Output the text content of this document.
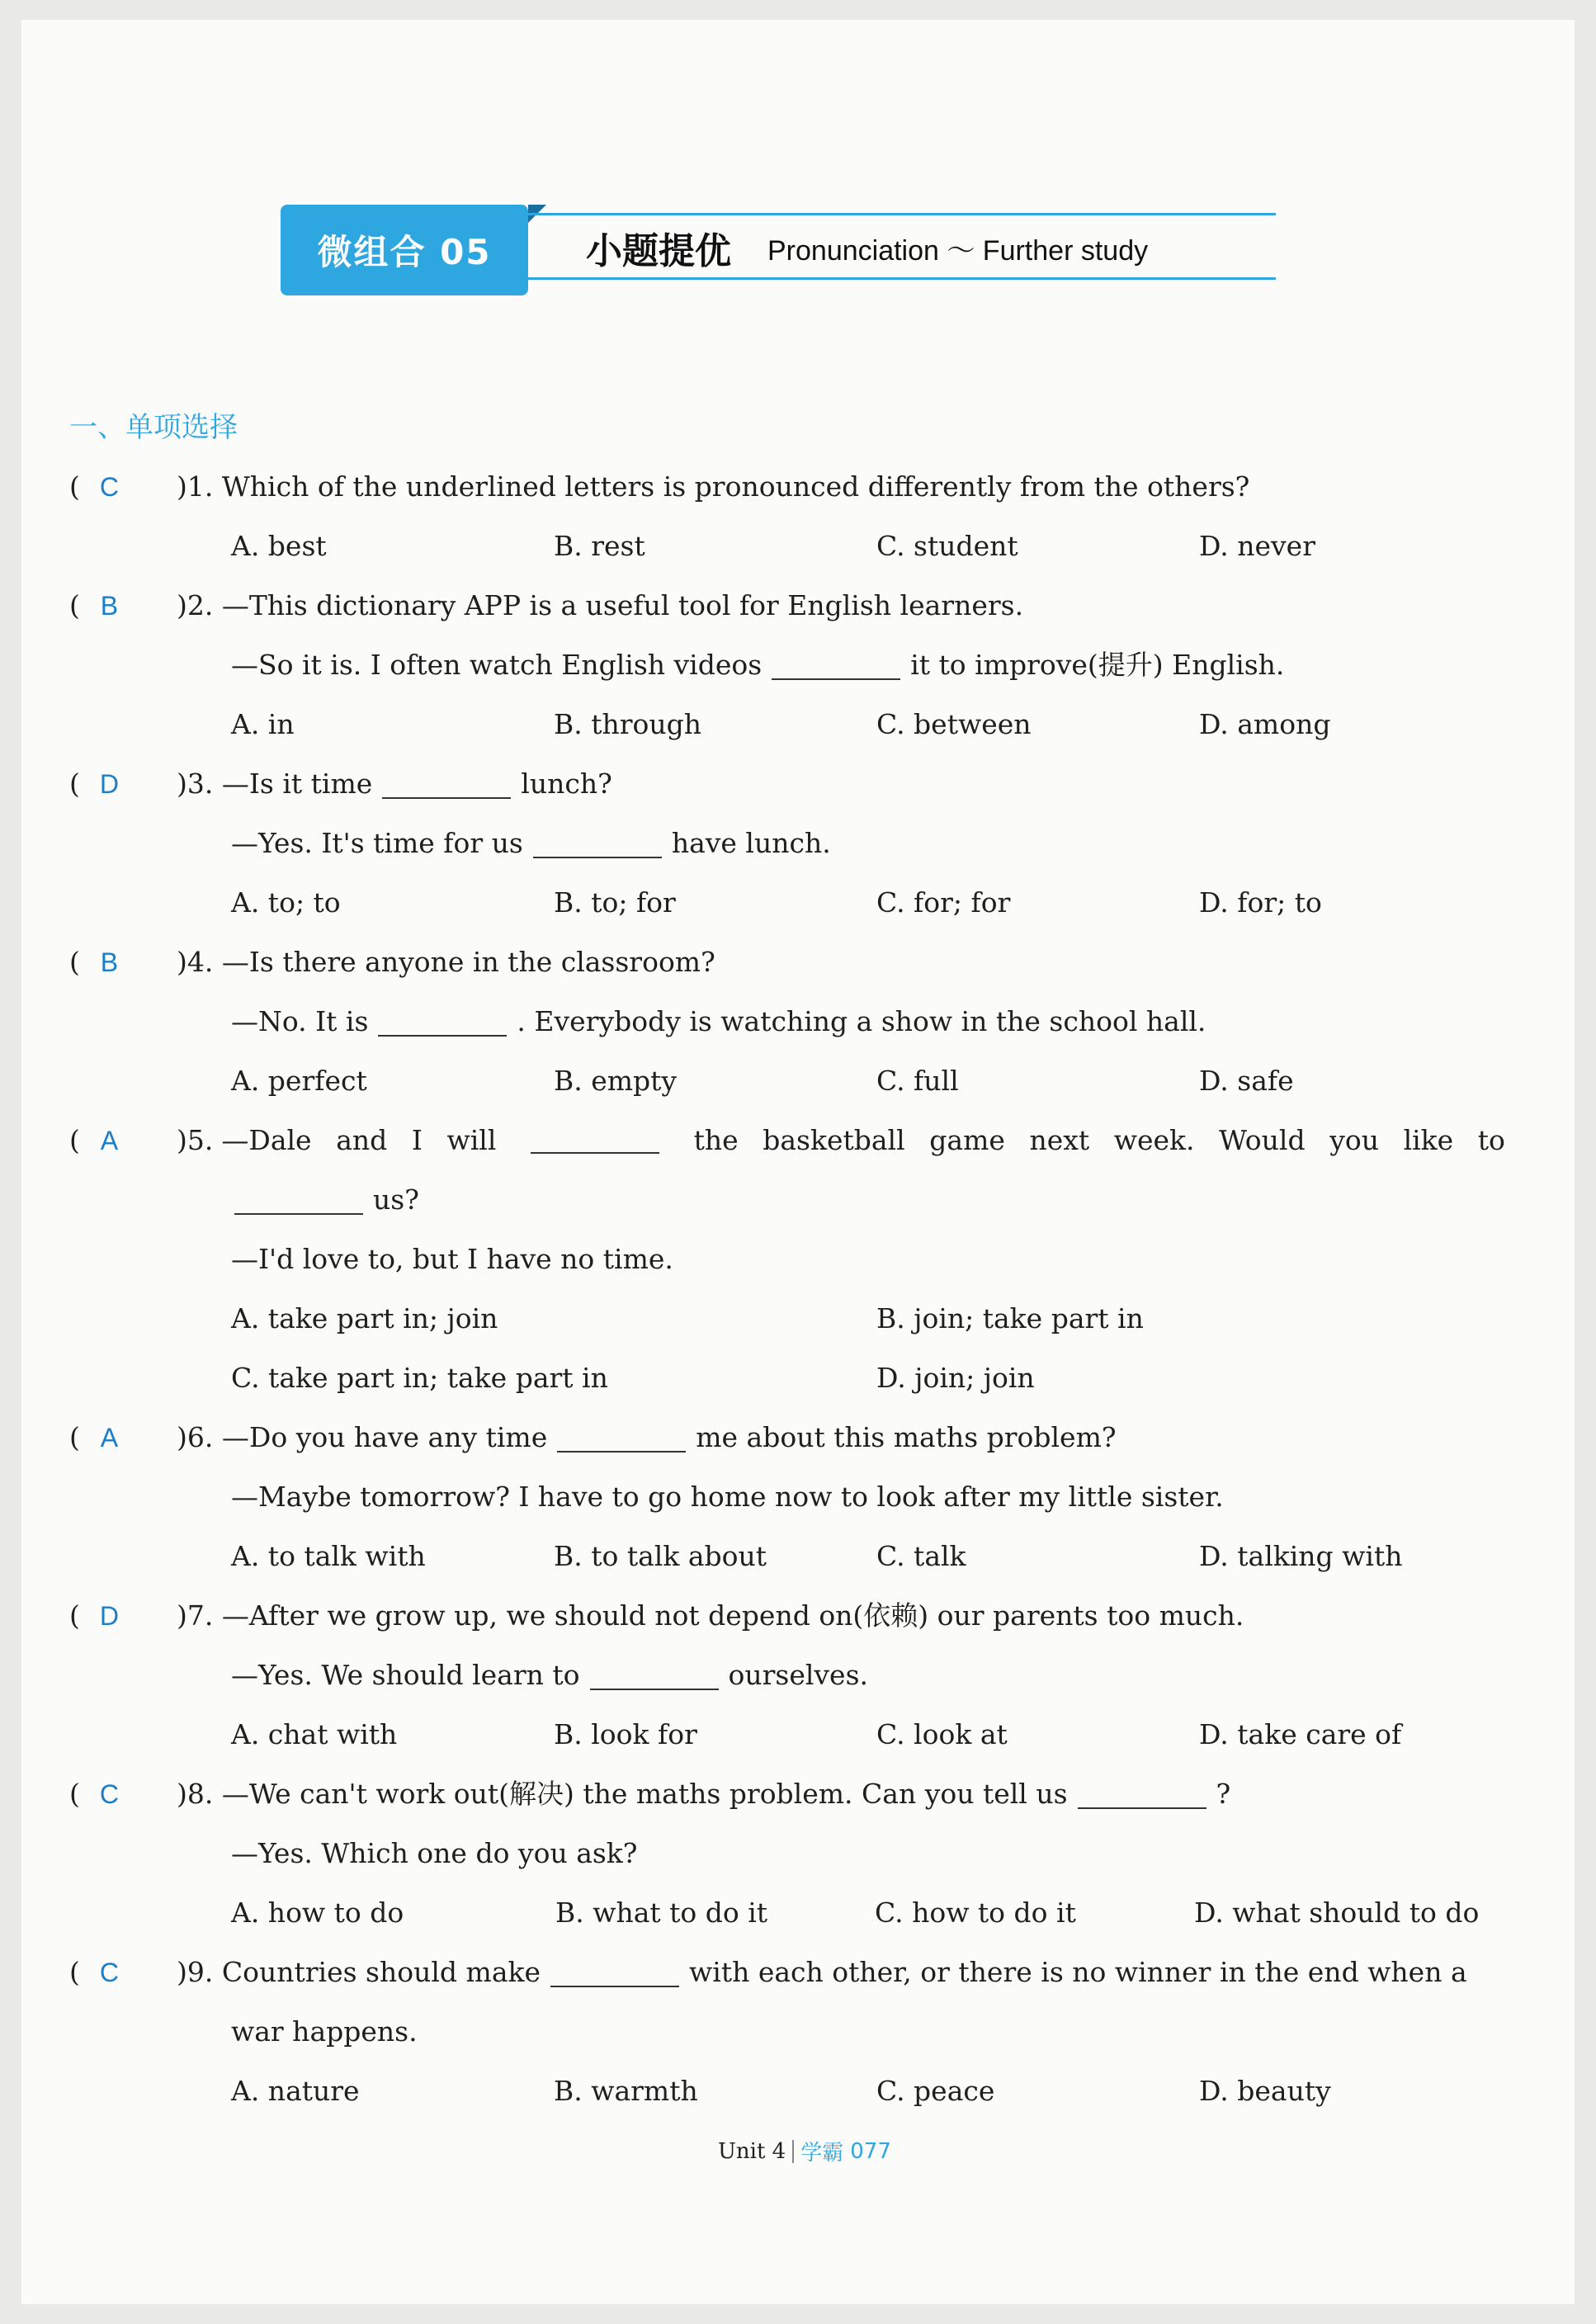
微组合 05	小题提优 Pronunciation ～ Further study
一、单项选择
( C )1. Which of the underlined letters is pronounced differently from the others?
A. best	B. rest	C. student	D. never
( B )2. —This dictionary APP is a useful tool for English learners.
—So it is. I often watch English videos	it to improve(提升) English.
A. in	B. through	C. between	D. among
( D )3. —Is it time	lunch?
—Yes. It's time for us	have lunch.
A. to; to	B. to; for	C. for; for	D. for; to
( B )4. —Is there anyone in the classroom?
—No. It is	. Everybody is watching a show in the school hall.
A. perfect	B. empty	C. full	D. safe
( A	)5. —Dale and I will	the basketball game next week. Would you like to
us?
—I'd love to, but I have no time.
A. take part in; join	B. join; take part in
C. take part in; take part in	D. join; join
( A )6. —Do you have any time	me about this maths problem?
—Maybe tomorrow? I have to go home now to look after my little sister.
A. to talk with	B. to talk about	C. talk	D. talking with
( D )7. —After we grow up, we should not depend on(依赖) our parents too much.
—Yes. We should learn to	ourselves.
A. chat with	B. look for	C. look at	D. take care of
( C )8. —We can't work out(解决) the maths problem. Can you tell us	?
—Yes. Which one do you ask?
A. how to do	B. what to do it	C. how to do it	D. what should to do
( C )9. Countries should make	with each other, or there is no winner in the end when a
war happens.
A. nature	B. warmth	C. peace	D. beauty
Unit 4 学霸 077
